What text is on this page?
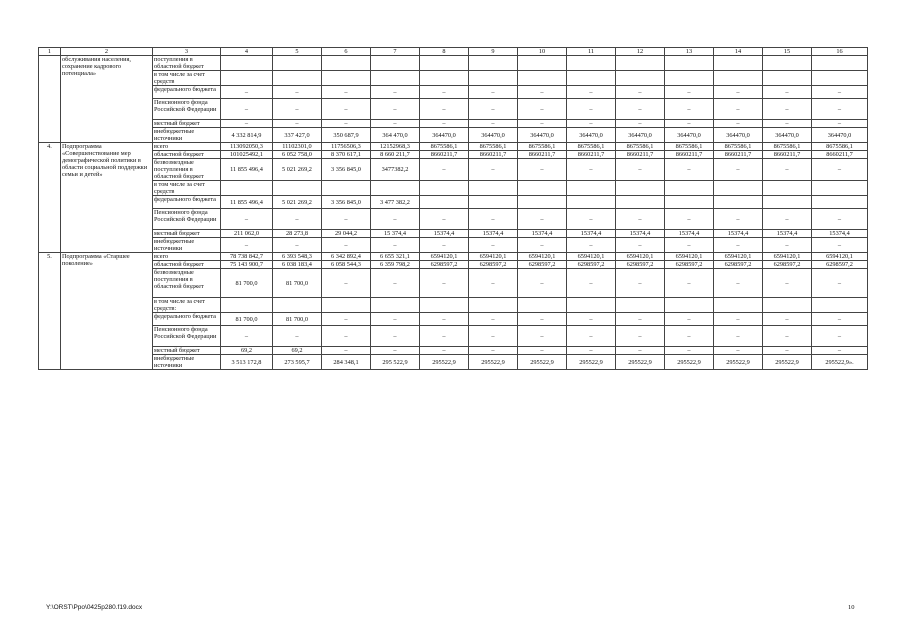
1	2	3	4	5	6	7	8	9	10	11	12	13	14	15	16
	обслуживания населения, сохранение кадрового потенциала»	поступления в областной бюджет													
		в том числе за счет средств													
		федерального бюджета	–	–	–	–	–	–	–	–	–	–	–	–	–
		Пенсионного фонда Российской Федерации	–	–	–	–	–	–	–	–	–	–	–	–	–
		местный бюджет	–	–	–	–	–	–	–	–	–	–	–	–	–
		внебюджетные источники	4 332 814,9	337 427,0	350 687,9	364 470,0	364470,0	364470,0	364470,0	364470,0	364470,0	364470,0	364470,0	364470,0	364470,0
4.	Подпрограмма «Совершенствование мер демографической политики в области социальной поддержки семьи и детей»	всего	113092050,3	11102301,0	11756506,3	12152968,3	8675586,1	8675586,1	8675586,1	8675586,1	8675586,1	8675586,1	8675586,1	8675586,1	8675586,1
		областной бюджет	101025492,1	6 052 758,0	8 370 617,1	8 660 211,7	8660211,7	8660211,7	8660211,7	8660211,7	8660211,7	8660211,7	8660211,7	8660211,7	8660211,7
		безвозмездные поступления в областной бюджет	11 855 496,4	5 021 269,2	3 356 845,0	3477382,2	–	–	–	–	–	–	–	–	–
		в том числе за счет средств													
		федерального бюджета	11 855 496,4	5 021 269,2	3 356 845,0	3 477 382,2									
		Пенсионного фонда Российской Федерации	–	–	–	–	–	–	–	–	–	–	–	–	–
		местный бюджет	211 062,0	28 273,8	29 044,2	15 374,4	15374,4	15374,4	15374,4	15374,4	15374,4	15374,4	15374,4	15374,4	15374,4
		внебюджетные источники	–	–	–	–	–	–	–	–	–	–	–	–	–
5.	Подпрограмма «Старшее поколение»	всего	78 738 842,7	6 393 548,3	6 342 892,4	6 655 321,1	6594120,1	6594120,1	6594120,1	6594120,1	6594120,1	6594120,1	6594120,1	6594120,1	6594120,1
		областной бюджет	75 143 900,7	6 038 183,4	6 058 544,3	6 359 798,2	6298597,2	6298597,2	6298597,2	6298597,2	6298597,2	6298597,2	6298597,2	6298597,2	6298597,2
		безвозмездные поступления в областной бюджет	81 700,0	81 700,0	–	–	–	–	–	–	–	–	–	–	–
		в том числе за счет средств:													
		федерального бюджета	81 700,0	81 700,0	–	–	–	–	–	–	–	–	–	–	–
		Пенсионного фонда Российской Федерации	–	–	–	–	–	–	–	–	–	–	–	–	–
		местный бюджет	69,2	69,2	–	–	–	–	–	–	–	–	–	–	–
		внебюджетные источники	3 513 172,8	273 595,7	284 348,1	295 522,9	295522,9	295522,9	295522,9	295522,9	295522,9	295522,9	295522,9	295522,9	295522,9».
Y:\ORST\Ppo\0425p280.f19.docx	10
